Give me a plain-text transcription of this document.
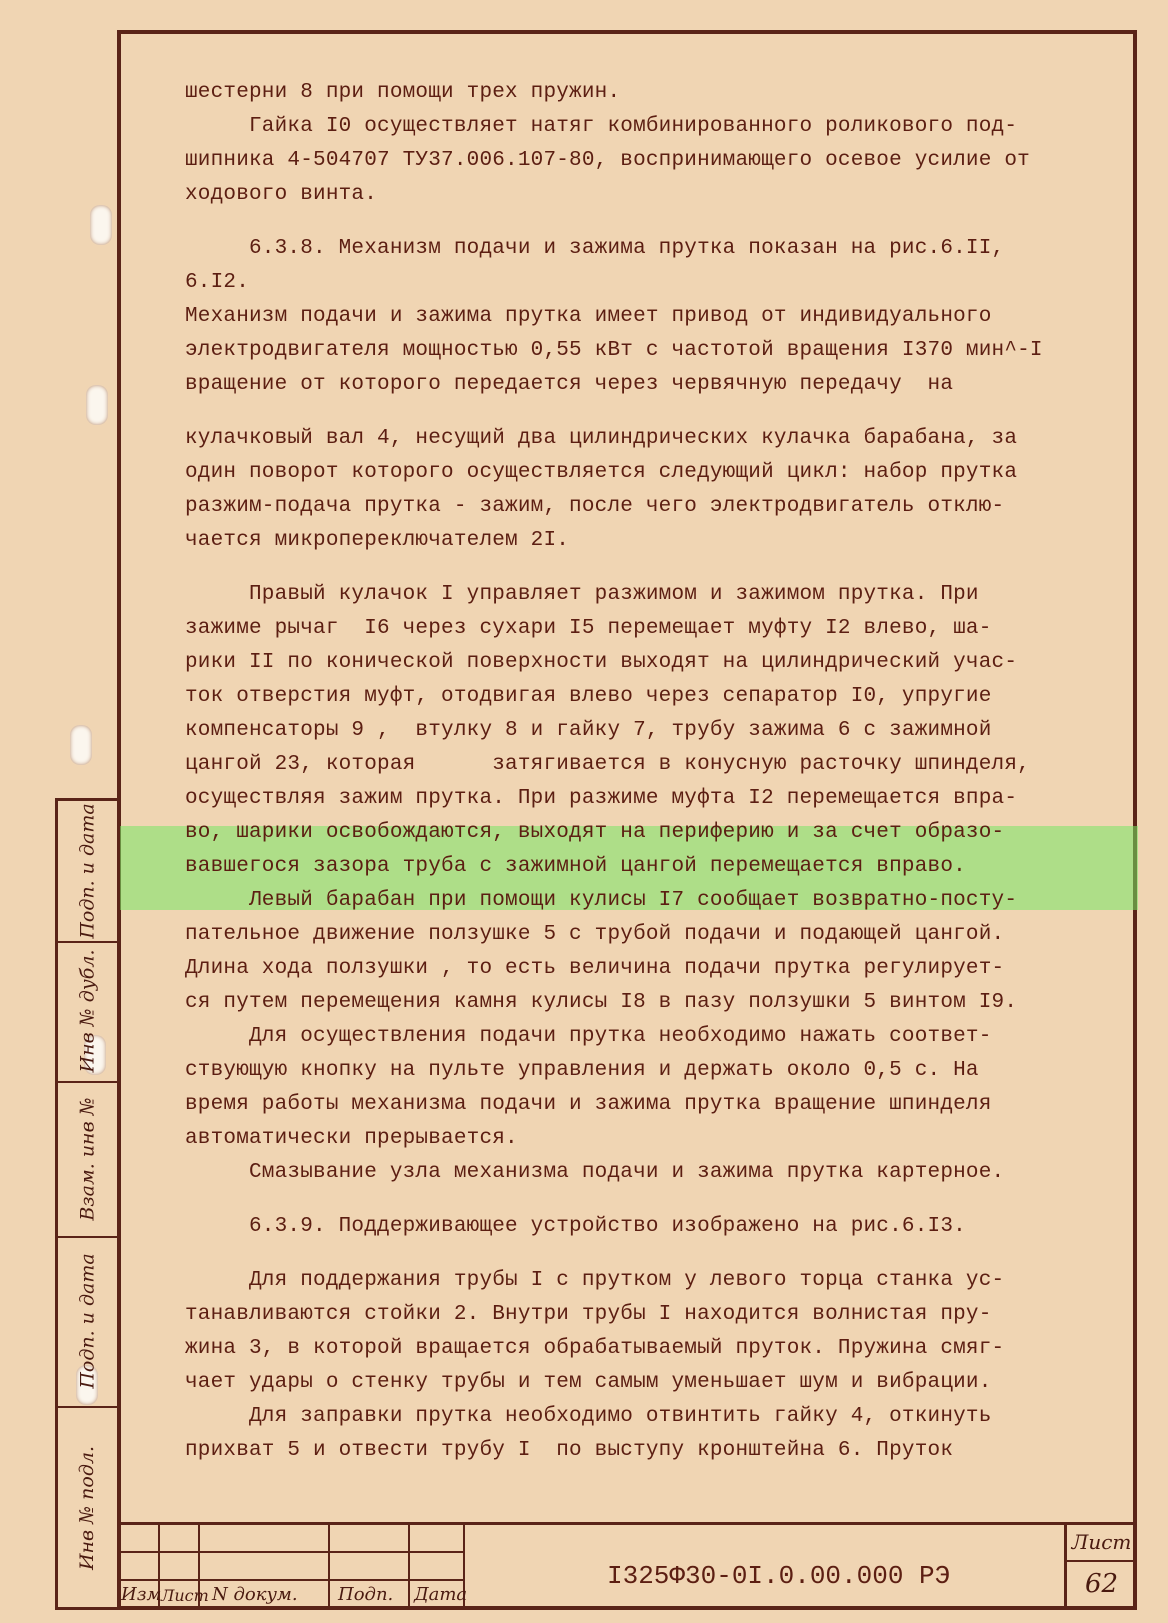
шестерни 8 при помощи трех пружин.
Гайка I0 осуществляет натяг комбинированного роликового под-
шипника 4-504707 ТУ37.006.107-80, воспринимающего осевое усилие от
ходового винта.
6.3.8. Механизм подачи и зажима прутка показан на рис.6.II,
6.I2.
Механизм подачи и зажима прутка имеет привод от индивидуального
электродвигателя мощностью 0,55 кВт с частотой вращения I370 мин^-I
вращение от которого передается через червячную передачу  на
кулачковый вал 4, несущий два цилиндрических кулачка барабана, за
один поворот которого осуществляется следующий цикл: набор прутка
разжим-подача прутка - зажим, после чего электродвигатель отклю-
чается микропереключателем 2I.
Правый кулачок I управляет разжимом и зажимом прутка. При
зажиме рычаг  I6 через сухари I5 перемещает муфту I2 влево, ша-
рики II по конической поверхности выходят на цилиндрический учас-
ток отверстия муфт, отодвигая влево через сепаратор I0, упругие
компенсаторы 9 ,  втулку 8 и гайку 7, трубу зажима 6 с зажимной
цангой 23, которая      затягивается в конусную расточку шпинделя,
осуществляя зажим прутка. При разжиме муфта I2 перемещается впра-
во, шарики освобождаются, выходят на периферию и за счет образо-
вавшегося зазора труба с зажимной цангой перемещается вправо.
Левый барабан при помощи кулисы I7 сообщает возвратно-посту-
пательное движение ползушке 5 с трубой подачи и подающей цангой.
Длина хода ползушки , то есть величина подачи прутка регулирует-
ся путем перемещения камня кулисы I8 в пазу ползушки 5 винтом I9.
Для осуществления подачи прутка необходимо нажать соответ-
ствующую кнопку на пульте управления и держать около 0,5 с. На
время работы механизма подачи и зажима прутка вращение шпинделя
автоматически прерывается.
Смазывание узла механизма подачи и зажима прутка картерное.
6.3.9. Поддерживающее устройство изображено на рис.6.I3.
Для поддержания трубы I с прутком у левого торца станка ус-
танавливаются стойки 2. Внутри трубы I находится волнистая пру-
жина 3, в которой вращается обрабатываемый пруток. Пружина смяг-
чает удары о стенку трубы и тем самым уменьшает шум и вибрации.
Для заправки прутка необходимо отвинтить гайку 4, откинуть
прихват 5 и отвести трубу I  по выступу кронштейна 6. Пруток
Подп. и дата
Инв № дубл.
Взам. инв №
Подп. и дата
Инв № подл.
Изм Лист N докум. Подп. Дата
I325Ф30-0I.0.00.000 РЭ
Лист
62
